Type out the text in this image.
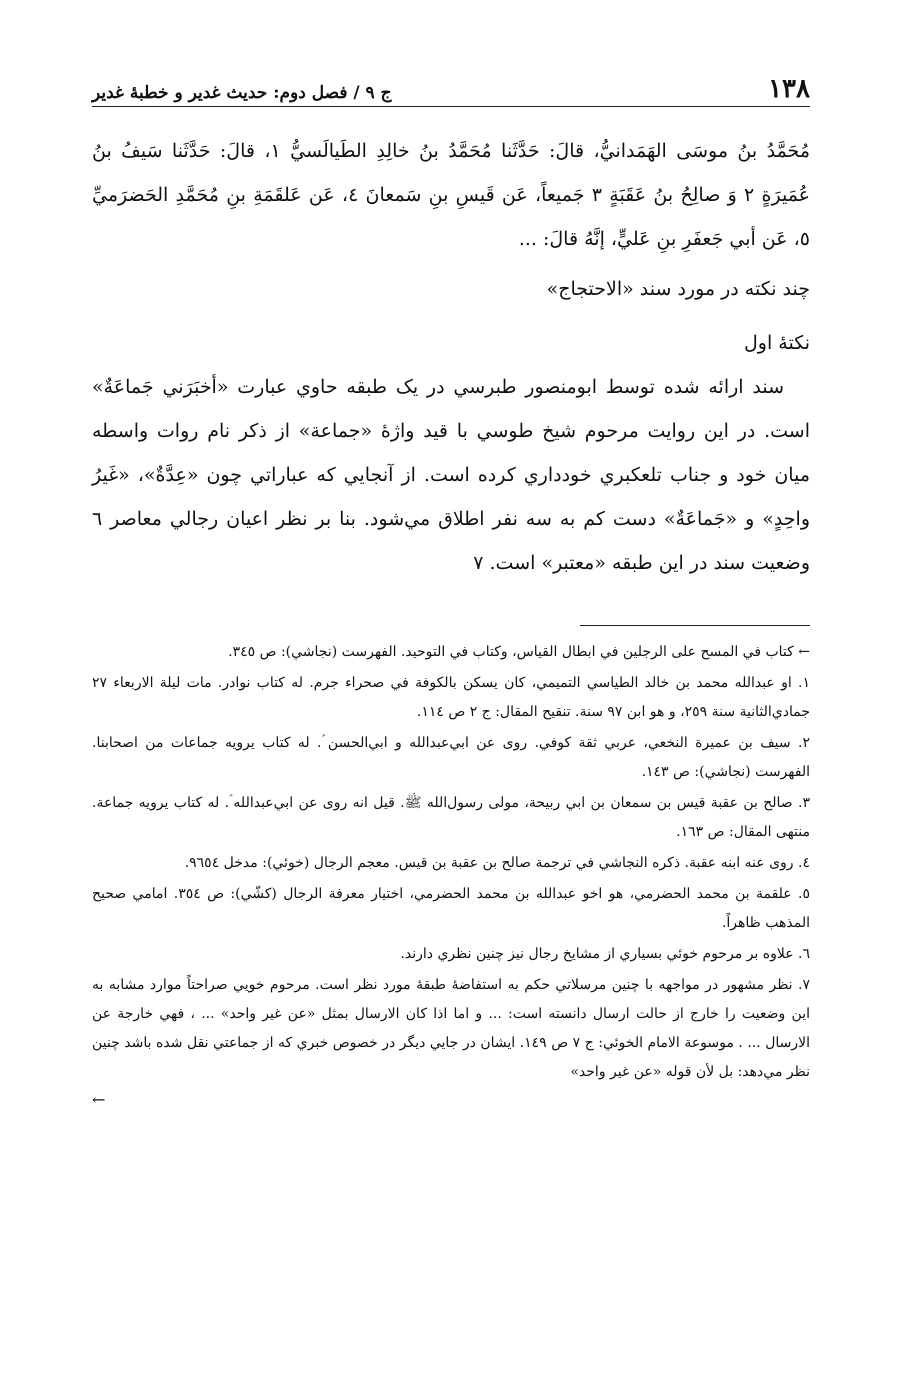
١٣٨
ج ٩ / فصل دوم: حديث غدير و خطبهٔ غدير

مُحَمَّدُ بنُ موسَى الهَمَدانيُّ، قالَ: حَدَّثَنا مُحَمَّدُ بنُ خالِدِ الطَيالَسيُّ ١، قالَ: حَدَّثَنا سَيفُ بنُ عُمَيرَةٍ ٢ وَ صالِحُ بنُ عَقَبَةٍ ٣ جَميعاً، عَن قَيسِ بنِ سَمعانَ ٤، عَن عَلقَمَةِ بنِ مُحَمَّدِ الحَضرَميِّ ٥، عَن أبي جَعفَرِ بنِ عَليٍّ، إنَّهُ قالَ: ...

چند نكته در مورد سند «الاحتجاج»

نكتهٔ اول

سند ارائه شده توسط ابومنصور طبرسي در يک طبقه حاوي عبارت «أخبَرَني جَماعَةٌ» است. در اين روايت مرحوم شيخ طوسي با قيد واژهٔ «جماعة» از ذكر نام روات واسطه ميان خود و جناب تلعكبري خودداري كرده است. از آنجايي كه عباراتي چون «عِدَّةٌ»، «غَيرُ واحِدٍ» و «جَماعَةٌ» دست كم به سه نفر اطلاق مي‌شود. بنا بر نظر اعيان رجالي معاصر ٦ وضعيت سند در اين طبقه «معتبر» است. ٧

← كتاب في المسح على الرجلين في ابطال القياس، وكتاب في التوحيد. الفهرست (نجاشي): ص ٣٤٥.

١. او عبدالله محمد بن خالد الطياسي التميمي، كان يسكن بالكوفة في صحراء جرم. له كتاب نوادر. مات ليلة الاربعاء ٢٧ جمادي‌الثانية سنة ٢٥٩، و هو ابن ٩٧ سنة. تنقيح المقال: ج ٢ ص ١١٤.

٢. سيف بن عميرة النخعي، عربي ثقة كوفي. روى عن ابي‌عبدالله و ابي‌الحسن ؑ. له كتاب يرويه جماعات من اصحابنا. الفهرست (نجاشي): ص ١٤٣.

٣. صالح بن عقبة قيس بن سمعان بن ابي ربيحة، مولى رسول‌الله ﷺ. قيل انه روى عن ابي‌عبدالله ؑ. له كتاب يرويه جماعة. منتهى المقال: ص ١٦٣.

٤. روى عنه ابنه عقبة. ذكره النجاشي في ترجمة صالح بن عقبة بن قيس. معجم الرجال (خوئي): مدخل ٩٦٥٤.

٥. علقمة بن محمد الحضرمي، هو اخو عبدالله بن محمد الحضرمي، اختيار معرفة الرجال (كشّي): ص ٣٥٤. امامي صحيح المذهب ظاهراً.

٦. علاوه بر مرحوم خوئي بسياري از مشايخ رجال نيز چنين نظري دارند.

٧. نظر مشهور در مواجهه با چنين مرسلاتي حكم به استفاضهٔ طبقهٔ مورد نظر است. مرحوم خويي صراحتاً موارد مشابه به اين وضعيت را خارج از حالت ارسال دانسته است: ... و اما اذا كان الارسال بمثل «عن غير واحد» ... ، فهي خارجة عن الارسال ... . موسوعة الامام الخوئي: ج ٧ ص ١٤٩. ايشان در جايي ديگر در خصوص خبري كه از جماعتي نقل شده باشد چنين نظر مي‌دهد: بل لأن قوله «عن غير واحد»

←
